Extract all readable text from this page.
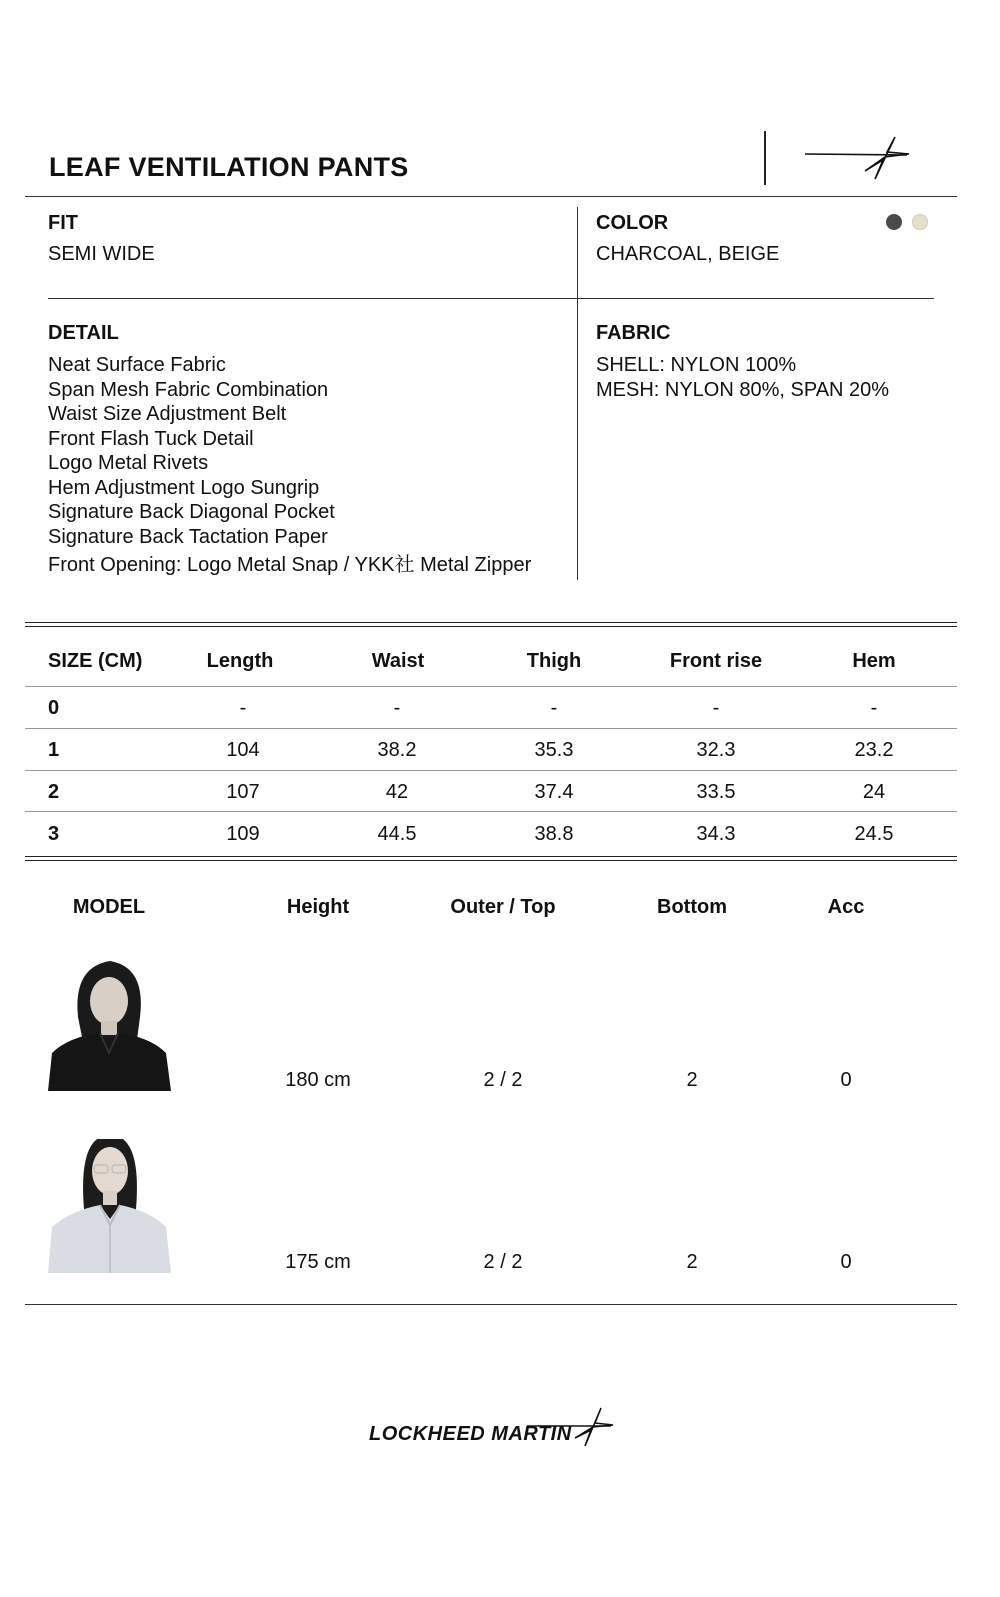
LEAF VENTILATION PANTS
FIT
SEMI WIDE
COLOR
CHARCOAL, BEIGE
DETAIL
Neat Surface Fabric
Span Mesh Fabric Combination
Waist Size Adjustment Belt
Front Flash Tuck Detail
Logo Metal Rivets
Hem Adjustment Logo Sungrip
Signature Back Diagonal Pocket
Signature Back Tactation Paper
Front Opening: Logo Metal Snap / YKK社 Metal Zipper
FABRIC
SHELL: NYLON 100%
MESH: NYLON 80%, SPAN 20%
SIZE (CM)	Length	Waist	Thigh	Front rise	Hem
0	-	-	-	-	-
1	104	38.2	35.3	32.3	23.2
2	107	42	37.4	33.5	24
3	109	44.5	38.8	34.3	24.5
MODEL	Height	Outer / Top	Bottom	Acc
180 cm	2 / 2	2	0
175 cm	2 / 2	2	0
LOCKHEED MARTIN
